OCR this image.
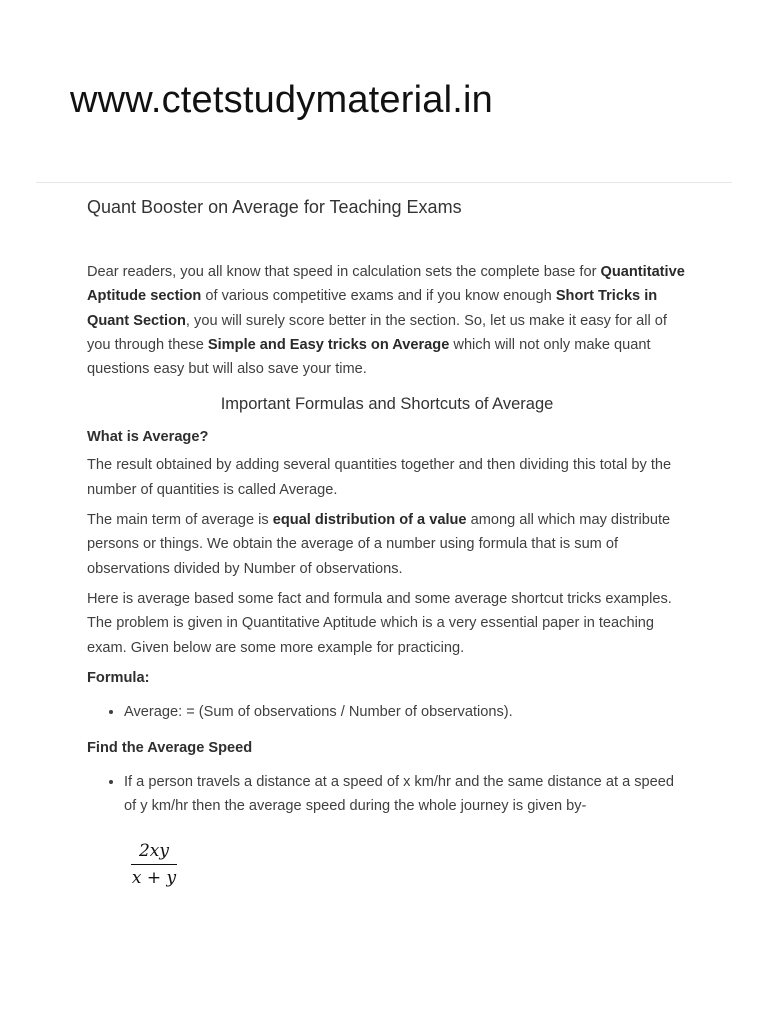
www.ctetstudymaterial.in
Quant Booster on Average for Teaching Exams

Dear readers, you all know that speed in calculation sets the complete base for Quantitative Aptitude section of various competitive exams and if you know enough Short Tricks in Quant Section, you will surely score better in the section. So, let us make it easy for all of you through these Simple and Easy tricks on Average which will not only make quant questions easy but will also save your time.

Important Formulas and Shortcuts of Average
What is Average?

The result obtained by adding several quantities together and then dividing this total by the number of quantities is called Average.

The main term of average is equal distribution of a value among all which may distribute persons or things. We obtain the average of a number using formula that is sum of observations divided by Number of observations.

Here is average based some fact and formula and some average shortcut tricks examples. The problem is given in Quantitative Aptitude which is a very essential paper in teaching exam. Given below are some more example for practicing.

Formula:
• Average: = (Sum of observations / Number of observations).
Find the Average Speed
• If a person travels a distance at a speed of x km/hr and the same distance at a speed of y km/hr then the average speed during the whole journey is given by-
$\frac{2xy}{x + y}$
